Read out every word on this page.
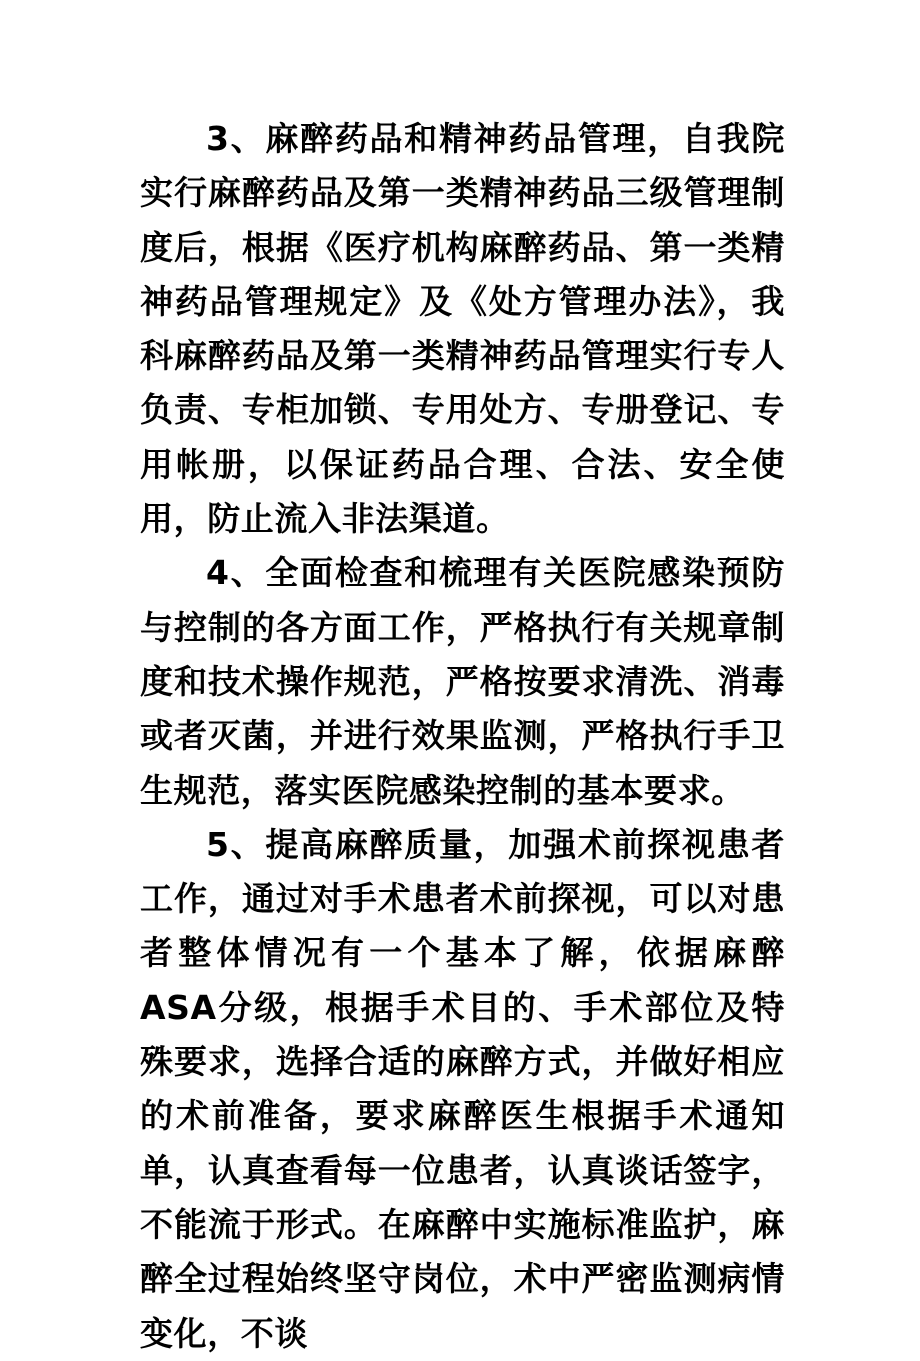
3、麻醉药品和精神药品管理，自我院实行麻醉药品及第一类精神药品三级管理制度后，根据《医疗机构麻醉药品、第一类精神药品管理规定》及《处方管理办法》，我科麻醉药品及第一类精神药品管理实行专人负责、专柜加锁、专用处方、专册登记、专用帐册，以保证药品合理、合法、安全使用，防止流入非法渠道。

4、全面检查和梳理有关医院感染预防与控制的各方面工作，严格执行有关规章制度和技术操作规范，严格按要求清洗、消毒或者灭菌，并进行效果监测，严格执行手卫生规范，落实医院感染控制的基本要求。

5、提高麻醉质量，加强术前探视患者工作，通过对手术患者术前探视，可以对患者整体情况有一个基本了解，依据麻醉ASA分级，根据手术目的、手术部位及特殊要求，选择合适的麻醉方式，并做好相应的术前准备，要求麻醉医生根据手术通知单，认真查看每一位患者，认真谈话签字，不能流于形式。在麻醉中实施标准监护，麻醉全过程始终坚守岗位，术中严密监测病情变化，不谈
